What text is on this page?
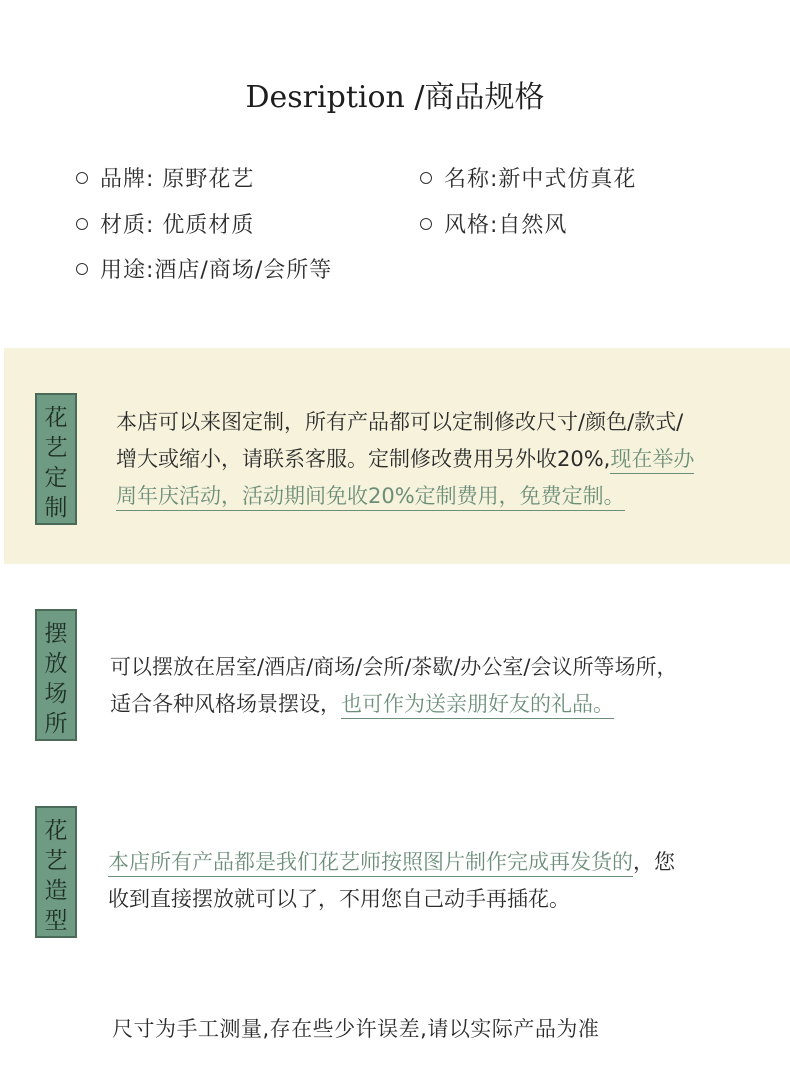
Desription /商品规格
品牌: 原野花艺	名称:新中式仿真花
材质: 优质材质	风格:自然风
用途:酒店/商场/会所等
花
艺
定
制
本店可以来图定制，所有产品都可以定制修改尺寸/颜色/款式/
增大或缩小，请联系客服。定制修改费用另外收20%,现在举办
周年庆活动，活动期间免收20%定制费用，免费定制。
摆
放
场
所
可以摆放在居室/酒店/商场/会所/茶歇/办公室/会议所等场所，
适合各种风格场景摆设，也可作为送亲朋好友的礼品。
花
艺
造
型
本店所有产品都是我们花艺师按照图片制作完成再发货的，您
收到直接摆放就可以了，不用您自己动手再插花。
尺寸为手工测量,存在些少许误差,请以实际产品为准
